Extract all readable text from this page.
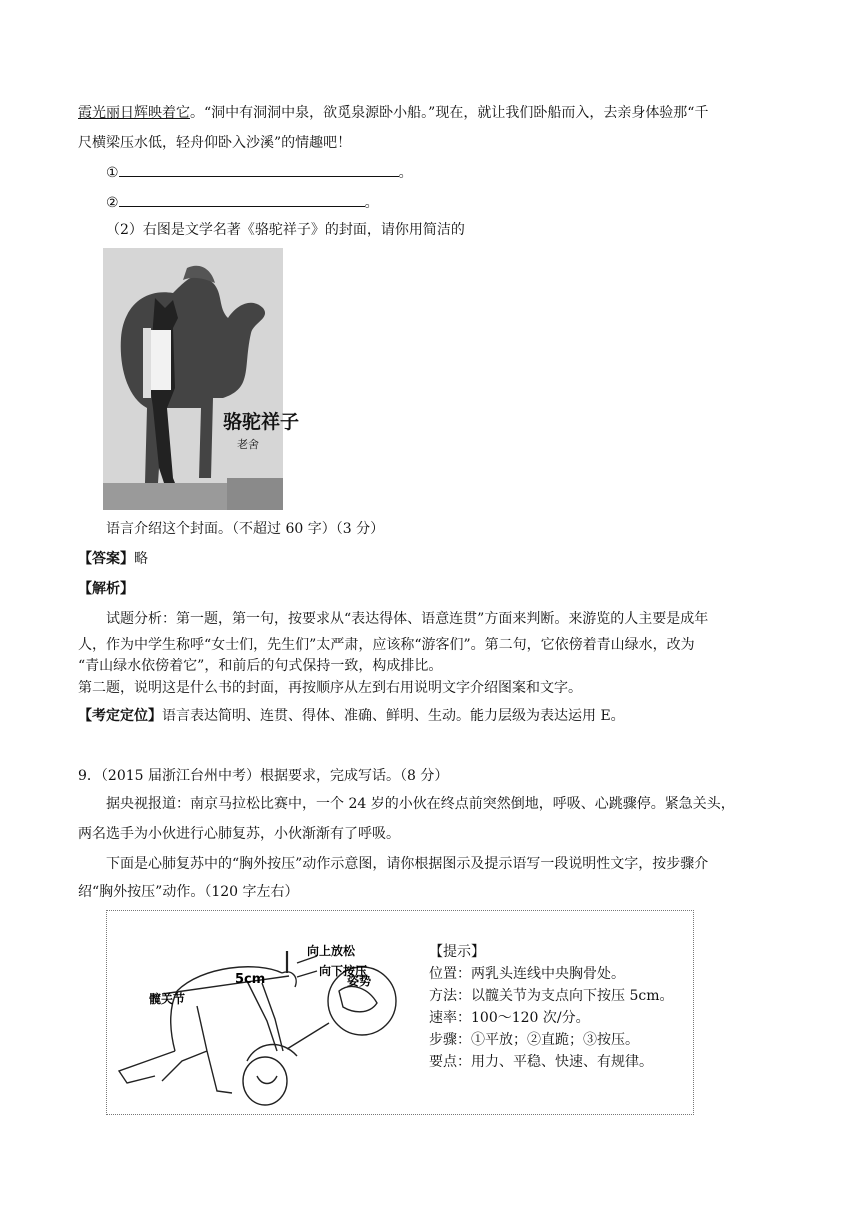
霞光丽日辉映着它。“洞中有洞洞中泉，欲觅泉源卧小船。”现在，就让我们卧船而入，去亲身体验那“千
尺横梁压水低，轻舟仰卧入沙溪”的情趣吧！
①	。
②	。
（2）右图是文学名著《骆驼祥子》的封面，请你用简洁的
骆驼祥子
老舍
语言介绍这个封面。（不超过 60 字）（3 分）
【答案】略
【解析】
试题分析：第一题，第一句，按要求从“表达得体、语意连贯”方面来判断。来游览的人主要是成年
人，作为中学生称呼“女士们，先生们”太严肃，应该称“游客们”。第二句，它依傍着青山绿水，改为
“青山绿水依傍着它”，和前后的句式保持一致，构成排比。
第二题，说明这是什么书的封面，再按顺序从左到右用说明文字介绍图案和文字。
【考定定位】语言表达简明、连贯、得体、准确、鲜明、生动。能力层级为表达运用 E。
9．（2015 届浙江台州中考）根据要求，完成写话。（8 分）
据央视报道：南京马拉松比赛中，一个 24 岁的小伙在终点前突然倒地，呼吸、心跳骤停。紧急关头，
两名选手为小伙进行心肺复苏，小伙渐渐有了呼吸。
下面是心肺复苏中的“胸外按压”动作示意图，请你根据图示及提示语写一段说明性文字，按步骤介
绍“胸外按压”动作。（120 字左右）
向上放松
向下按压
5cm
髋关节
姿势
【提示】
位置：两乳头连线中央胸骨处。
方法：以髋关节为支点向下按压 5cm。
速率：100～120 次/分。
步骤：①平放；②直跪；③按压。
要点：用力、平稳、快速、有规律。
